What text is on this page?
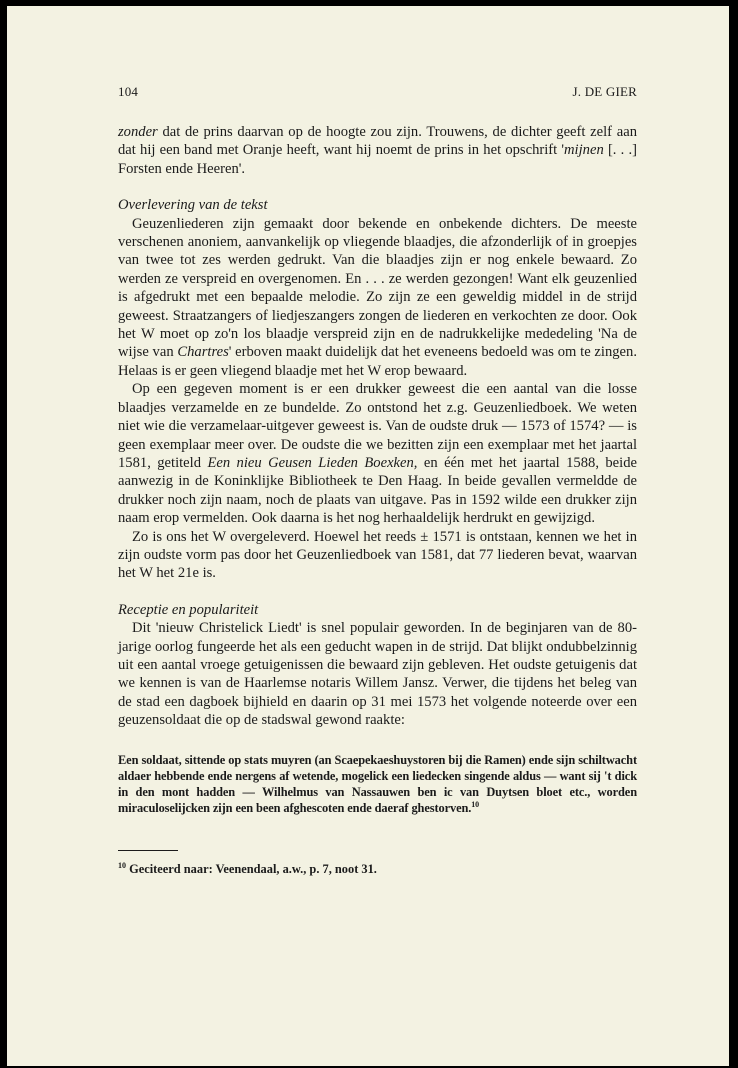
104	J. DE GIER

zonder dat de prins daarvan op de hoogte zou zijn. Trouwens, de dichter geeft zelf aan dat hij een band met Oranje heeft, want hij noemt de prins in het opschrift 'mijnen [. . .] Forsten ende Heeren'.

Overlevering van de tekst

Geuzenliederen zijn gemaakt door bekende en onbekende dichters. De meeste verschenen anoniem, aanvankelijk op vliegende blaadjes, die afzonderlijk of in groepjes van twee tot zes werden gedrukt. Van die blaadjes zijn er nog enkele bewaard. Zo werden ze verspreid en overgenomen. En . . . ze werden gezongen! Want elk geuzenlied is afgedrukt met een bepaalde melodie. Zo zijn ze een geweldig middel in de strijd geweest. Straatzangers of liedjeszangers zongen de liederen en verkochten ze door. Ook het W moet op zo'n los blaadje verspreid zijn en de nadrukkelijke mededeling 'Na de wijse van Chartres' erboven maakt duidelijk dat het eveneens bedoeld was om te zingen. Helaas is er geen vliegend blaadje met het W erop bewaard.

Op een gegeven moment is er een drukker geweest die een aantal van die losse blaadjes verzamelde en ze bundelde. Zo ontstond het z.g. Geuzenliedboek. We weten niet wie die verzamelaar-uitgever geweest is. Van de oudste druk — 1573 of 1574? — is geen exemplaar meer over. De oudste die we bezitten zijn een exemplaar met het jaartal 1581, getiteld Een nieu Geusen Lieden Boexken, en één met het jaartal 1588, beide aanwezig in de Koninklijke Bibliotheek te Den Haag. In beide gevallen vermeldde de drukker noch zijn naam, noch de plaats van uitgave. Pas in 1592 wilde een drukker zijn naam erop vermelden. Ook daarna is het nog herhaaldelijk herdrukt en gewijzigd.

Zo is ons het W overgeleverd. Hoewel het reeds ± 1571 is ontstaan, kennen we het in zijn oudste vorm pas door het Geuzenliedboek van 1581, dat 77 liederen bevat, waarvan het W het 21e is.

Receptie en populariteit

Dit 'nieuw Christelick Liedt' is snel populair geworden. In de beginjaren van de 80-jarige oorlog fungeerde het als een geducht wapen in de strijd. Dat blijkt ondubbelzinnig uit een aantal vroege getuigenissen die bewaard zijn gebleven. Het oudste getuigenis dat we kennen is van de Haarlemse notaris Willem Jansz. Verwer, die tijdens het beleg van de stad een dagboek bijhield en daarin op 31 mei 1573 het volgende noteerde over een geuzensoldaat die op de stadswal gewond raakte:

Een soldaat, sittende op stats muyren (an Scaepekaeshuystoren bij die Ramen) ende sijn schiltwacht aldaer hebbende ende nergens af wetende, mogelick een liedecken singende aldus — want sij 't dick in den mont hadden — Wilhelmus van Nassauwen ben ic van Duytsen bloet etc., worden miraculoselijcken zijn een been afghescoten ende daeraf ghestorven.$^{10}$
$^{10}$ Geciteerd naar: Veenendaal, a.w., p. 7, noot 31.
